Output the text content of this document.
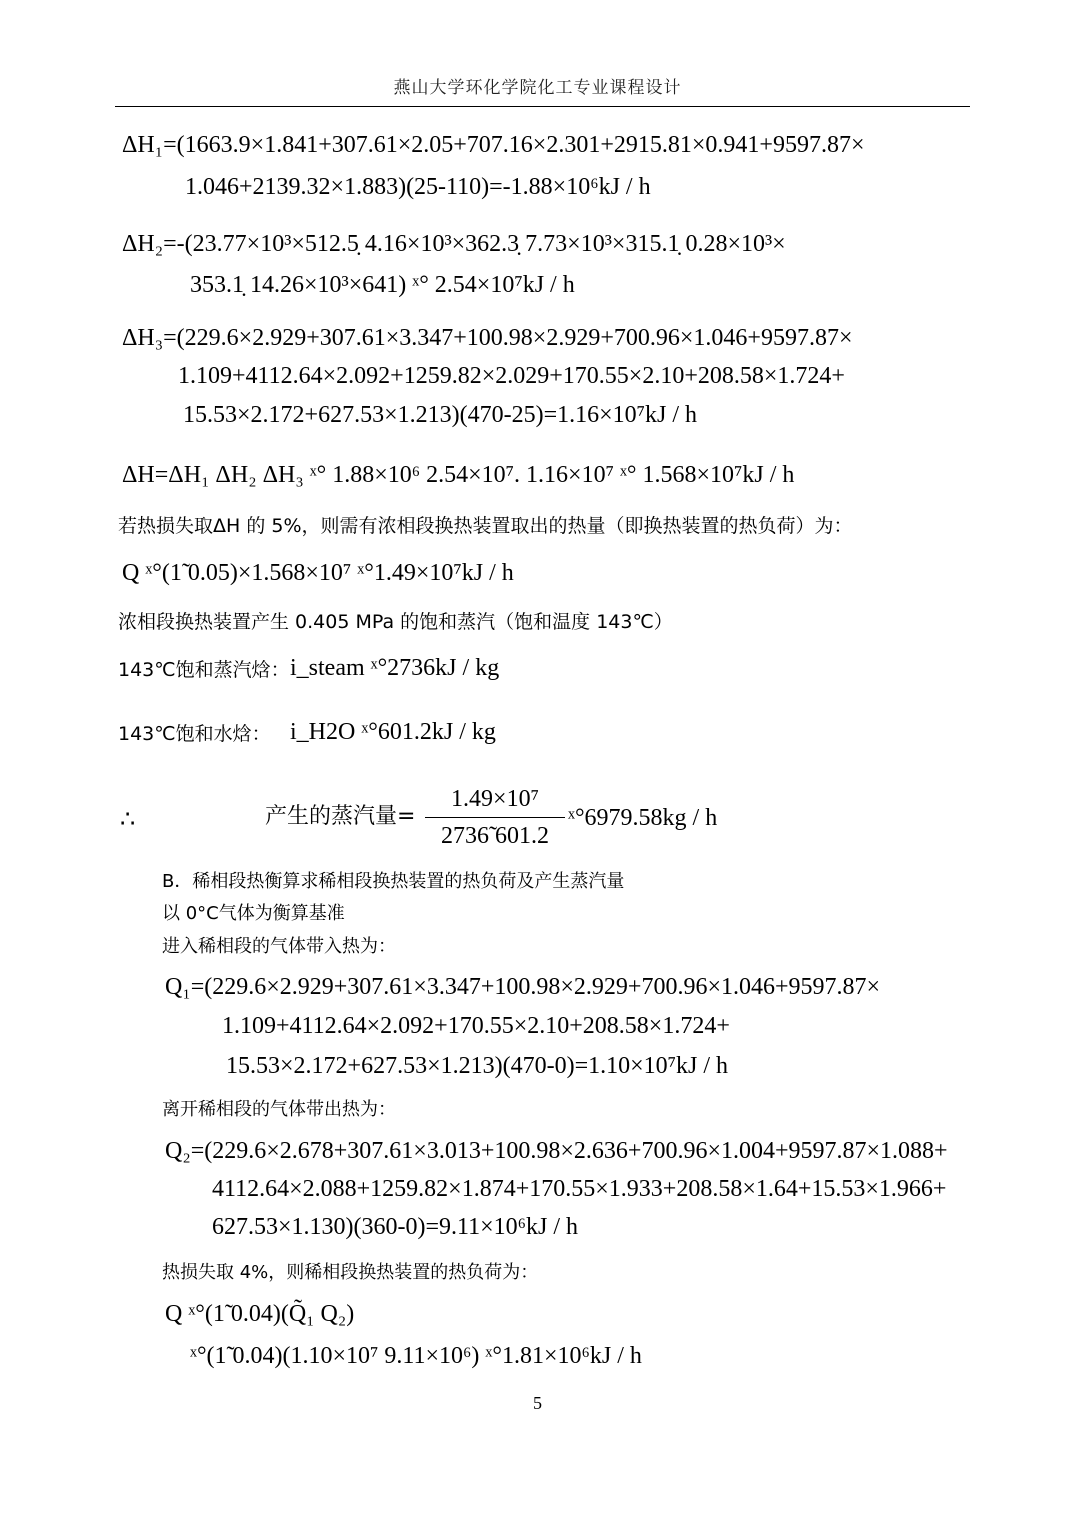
燕山大学环化学院化工专业课程设计
ΔH₁=(1663.9×1.841+307.61×2.05+707.16×2.301+2915.81×0.941+9597.87×
1.046+2139.32×1.883)(25-110)=-1.88×10⁶kJ / h
ΔH₂=-(23.77×10³×512.5̣ 4.16×10³×362.3̣ 7.73×10³×315.1̣ 0.28×10³×
353.1̣ 14.26×10³×641) ˣ° 2.54×10⁷kJ / h
ΔH₃=(229.6×2.929+307.61×3.347+100.98×2.929+700.96×1.046+9597.87×
1.109+4112.64×2.092+1259.82×2.029+170.55×2.10+208.58×1.724+
15.53×2.172+627.53×1.213)(470-25)=1.16×10⁷kJ / h
ΔH=ΔH₁ ΔH₂ ΔH₃ ˣ° 1.88×10⁶ 2.54×10⁷. 1.16×10⁷ ˣ° 1.568×10⁷kJ / h
若热损失取ΔH 的 5%，则需有浓相段换热装置取出的热量（即换热装置的热负荷）为：
Q ˣ°(1̃ 0.05)×1.568×10⁷ ˣ°1.49×10⁷kJ / h
浓相段换热装置产生 0.405 MPa 的饱和蒸汽（饱和温度 143℃）
143℃饱和蒸汽焓： i_steam ˣ°2736kJ / kg
143℃饱和水焓： i_H2O ˣ°601.2kJ / kg
∴	产生的蒸汽量=
1.49×10⁷
2736̃ 601.2
ˣ°6979.58kg / h
B．稀相段热衡算求稀相段换热装置的热负荷及产生蒸汽量
以 0°C气体为衡算基准
进入稀相段的气体带入热为：
Q₁=(229.6×2.929+307.61×3.347+100.98×2.929+700.96×1.046+9597.87×
1.109+4112.64×2.092+170.55×2.10+208.58×1.724+
15.53×2.172+627.53×1.213)(470-0)=1.10×10⁷kJ / h
离开稀相段的气体带出热为：
Q₂=(229.6×2.678+307.61×3.013+100.98×2.636+700.96×1.004+9597.87×1.088+
4112.64×2.088+1259.82×1.874+170.55×1.933+208.58×1.64+15.53×1.966+
627.53×1.130)(360-0)=9.11×10⁶kJ / h
热损失取 4%，则稀相段换热装置的热负荷为：
Q ˣ°(1̃ 0.04)(Q̃₁ Q₂)
ˣ°(1̃ 0.04)(1.10×10⁷ 9.11×10⁶) ˣ°1.81×10⁶kJ / h
5
